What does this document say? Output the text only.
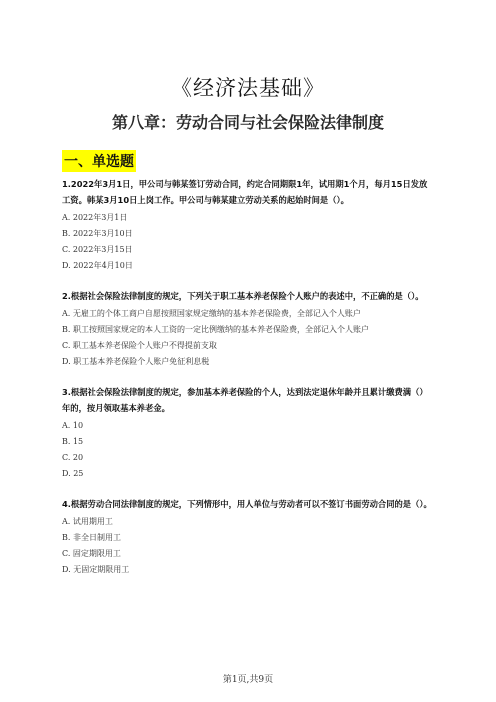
《经济法基础》
第八章：劳动合同与社会保险法律制度
一、单选题

1.2022年3月1日，甲公司与韩某签订劳动合同，约定合同期限1年，试用期1个月，每月15日发放工资。韩某3月10日上岗工作。甲公司与韩某建立劳动关系的起始时间是（）。

A. 2022年3月1日

B. 2022年3月10日

C. 2022年3月15日

D. 2022年4月10日

2.根据社会保险法律制度的规定，下列关于职工基本养老保险个人账户的表述中，不正确的是（）。

A. 无雇工的个体工商户自愿按照国家规定缴纳的基本养老保险费，全部记入个人账户

B. 职工按照国家规定的本人工资的一定比例缴纳的基本养老保险费，全部记入个人账户

C. 职工基本养老保险个人账户不得提前支取

D. 职工基本养老保险个人账户免征利息税

3.根据社会保险法律制度的规定，参加基本养老保险的个人，达到法定退休年龄并且累计缴费满（）年的，按月领取基本养老金。

A. 10

B. 15

C. 20

D. 25

4.根据劳动合同法律制度的规定，下列情形中，用人单位与劳动者可以不签订书面劳动合同的是（）。

A. 试用期用工

B. 非全日制用工

C. 固定期限用工

D. 无固定期限用工

第1页,共9页
